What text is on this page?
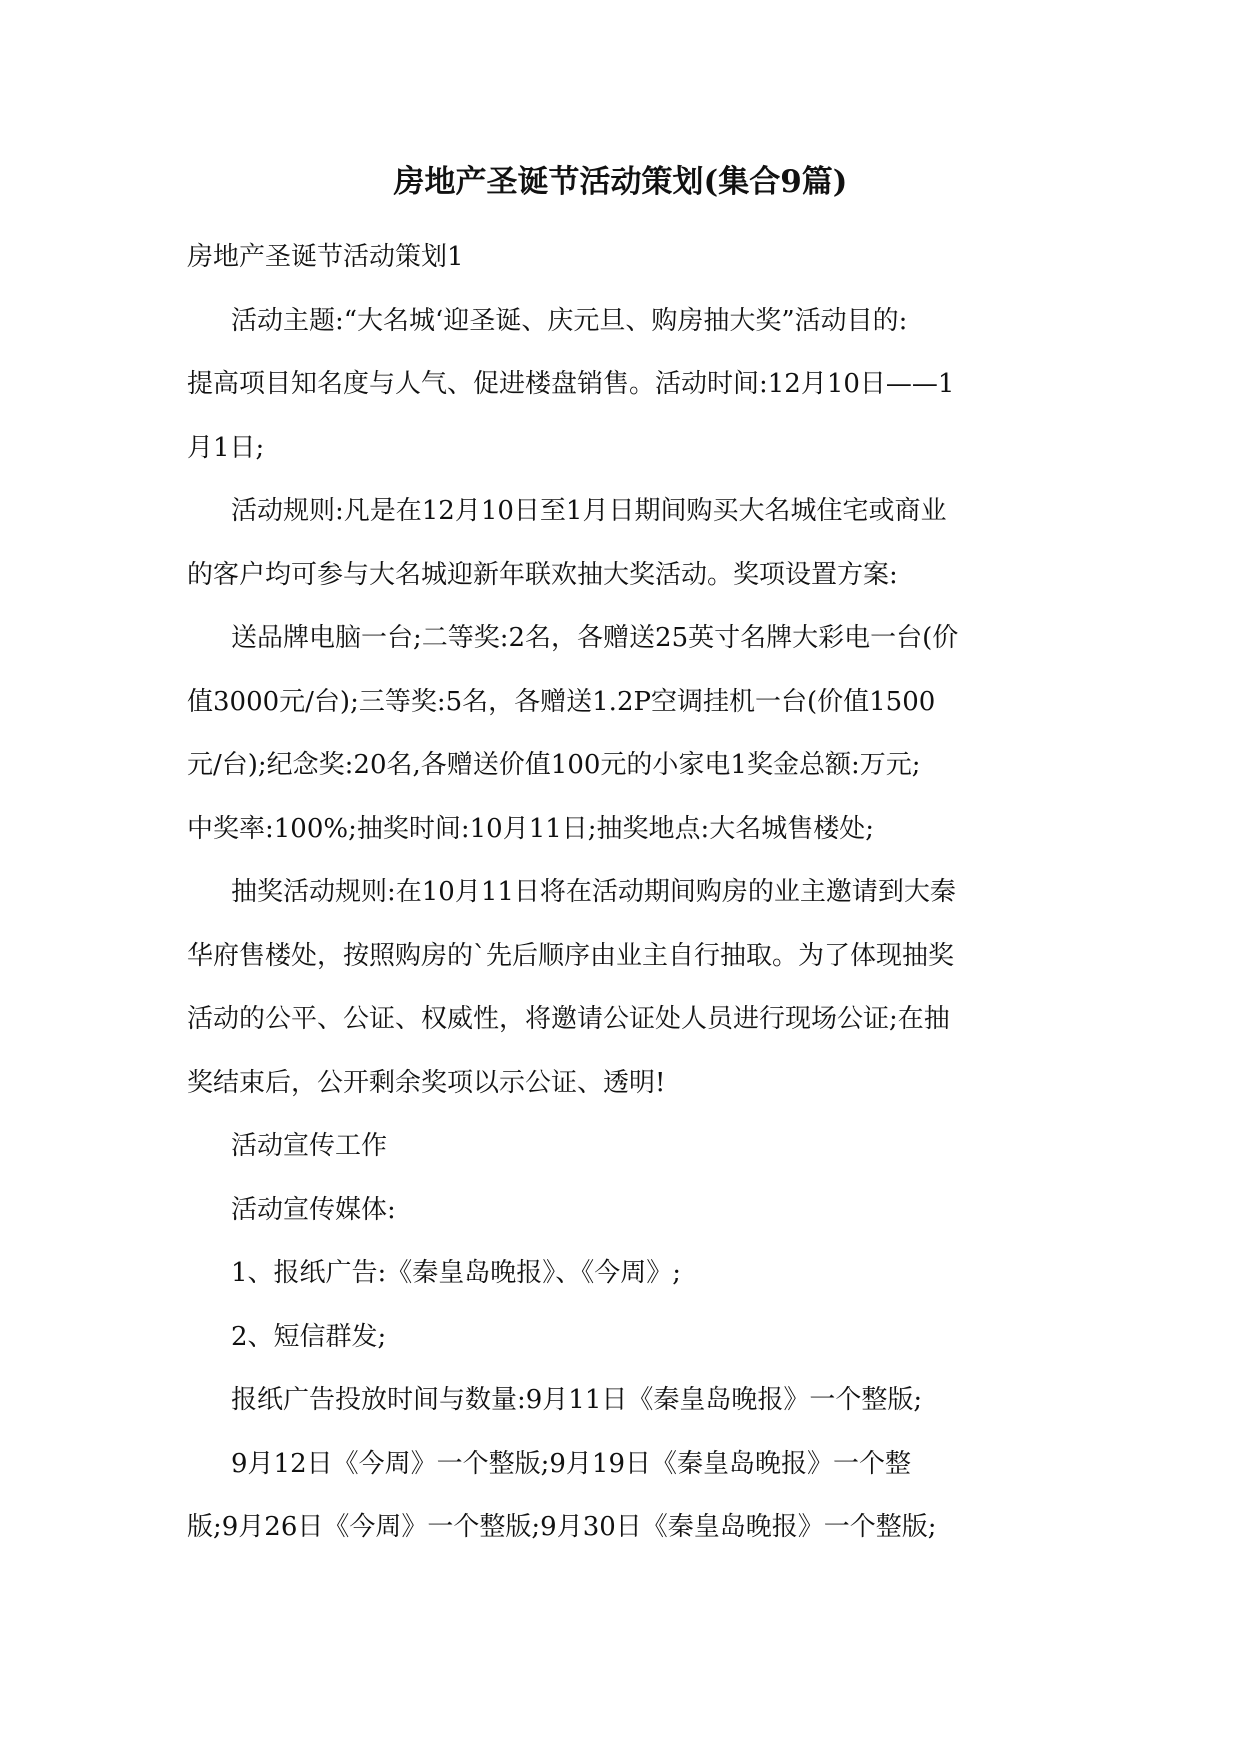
房地产圣诞节活动策划(集合9篇)

房地产圣诞节活动策划1

活动主题:“大名城‘迎圣诞、庆元旦、购房抽大奖”活动目的:

提高项目知名度与人气、促进楼盘销售。活动时间:12月10日——1

月1日;

活动规则:凡是在12月10日至1月日期间购买大名城住宅或商业

的客户均可参与大名城迎新年联欢抽大奖活动。奖项设置方案:

送品牌电脑一台;二等奖:2名，各赠送25英寸名牌大彩电一台(价

值3000元/台);三等奖:5名，各赠送1.2P空调挂机一台(价值1500

元/台);纪念奖:20名,各赠送价值100元的小家电1奖金总额:万元;

中奖率:100%;抽奖时间:10月11日;抽奖地点:大名城售楼处;

抽奖活动规则:在10月11日将在活动期间购房的业主邀请到大秦

华府售楼处，按照购房的`先后顺序由业主自行抽取。为了体现抽奖

活动的公平、公证、权威性，将邀请公证处人员进行现场公证;在抽

奖结束后，公开剩余奖项以示公证、透明!

活动宣传工作

活动宣传媒体:

1、报纸广告:《秦皇岛晚报》、《今周》;

2、短信群发;

报纸广告投放时间与数量:9月11日《秦皇岛晚报》一个整版;

9月12日《今周》一个整版;9月19日《秦皇岛晚报》一个整

版;9月26日《今周》一个整版;9月30日《秦皇岛晚报》一个整版;
